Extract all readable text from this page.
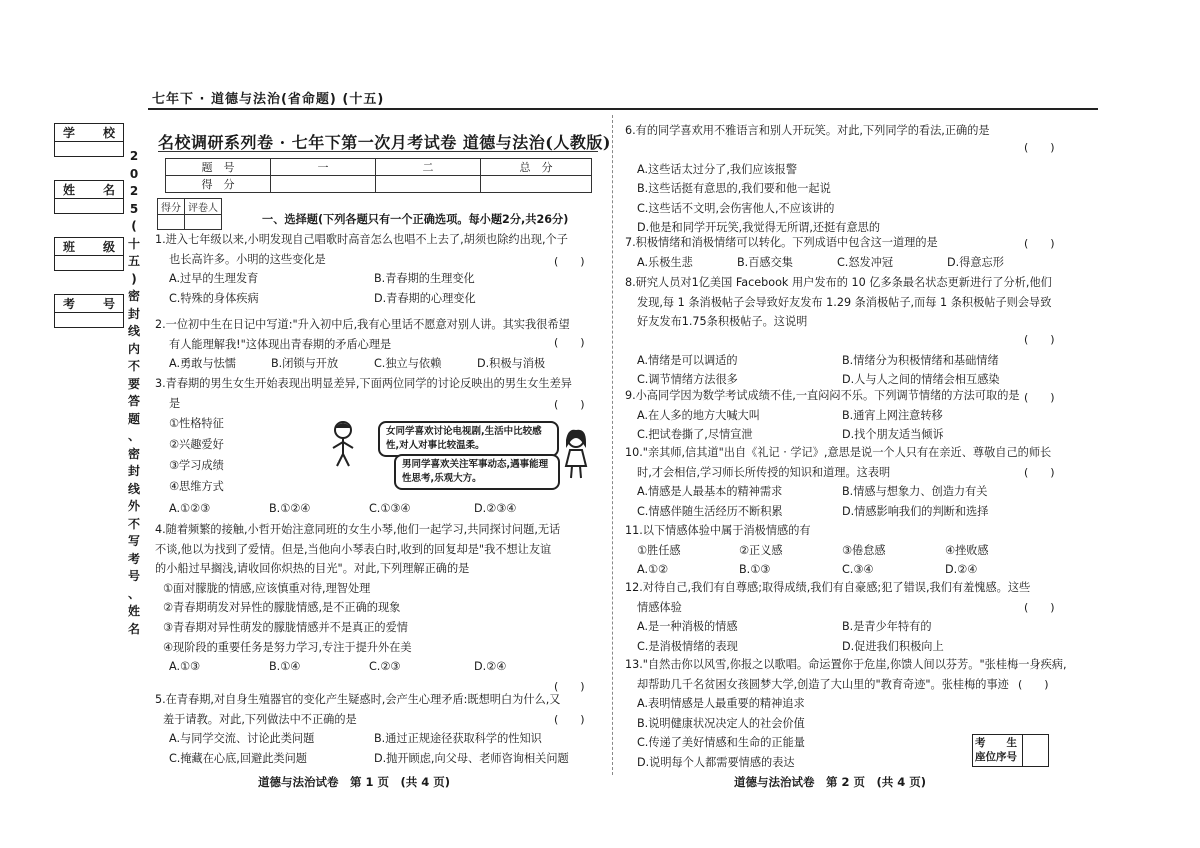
七年下 · 道德与法治(省命题) (十五)
学 校
姓 名
班 级
考 号
2
0
2
5
(
十
五
)
密
封
线
内
不
要
答
题
、
密
封
线
外
不
写
考
号
、
姓
名
名校调研系列卷 · 七年下第一次月考试卷 道德与法治(人教版)
题　号	一	二	总　分
得　分			
得分	评卷人

一、选择题(下列各题只有一个正确选项。每小题2分,共26分)
1.进入七年级以来,小明发现自己唱歌时高音怎么也唱不上去了,胡须也除约出现,个子
也长高许多。小明的这些变化是
A.过早的生理发育	B.青春期的生理变化
C.特殊的身体疾病	D.青春期的心理变化
(　　)
2.一位初中生在日记中写道:"升入初中后,我有心里话不愿意对别人讲。其实我很希望
有人能理解我!"这体现出青春期的矛盾心理是
A.勇敢与怯懦	B.闭锁与开放	C.独立与依赖	D.积极与消极
(　　)
3.青春期的男生女生开始表现出明显差异,下面两位同学的讨论反映出的男生女生差异
是
①性格特征
②兴趣爱好
③学习成绩
④思维方式
A.①②③	B.①②④	C.①③④	D.②③④
(　　)
女同学喜欢讨论电视剧,生活中比较感性,对人对事比较温柔。
男同学喜欢关注军事动态,遇事能理性思考,乐观大方。
4.随着频繁的接触,小哲开始注意同班的女生小琴,他们一起学习,共同探讨问题,无话
不谈,他以为找到了爱情。但是,当他向小琴表白时,收到的回复却是"我不想让友谊
的小船过早搁浅,请收回你炽热的目光"。对此,下列理解正确的是
①面对朦胧的情感,应该慎重对待,理智处理
②青春期萌发对异性的朦胧情感,是不正确的现象
③青春期对异性萌发的朦胧情感并不是真正的爱情
④现阶段的重要任务是努力学习,专注于提升外在美
A.①③	B.①④	C.②③	D.②④
(　　)
5.在青春期,对自身生殖器官的变化产生疑惑时,会产生心理矛盾:既想明白为什么,又
羞于请教。对此,下列做法中不正确的是
A.与同学交流、讨论此类问题	B.通过正规途径获取科学的性知识
C.掩藏在心底,回避此类问题	D.抛开顾虑,向父母、老师咨询相关问题
(　　)
道德与法治试卷　第 1 页　(共 4 页)
6.有的同学喜欢用不雅语言和别人开玩笑。对此,下列同学的看法,正确的是
A.这些话太过分了,我们应该报警
B.这些话挺有意思的,我们要和他一起说
C.这些话不文明,会伤害他人,不应该讲的
D.他是和同学开玩笑,我觉得无所谓,还挺有意思的
(　　)
7.积极情绪和消极情绪可以转化。下列成语中包含这一道理的是
A.乐极生悲	B.百感交集	C.怒发冲冠	D.得意忘形
(　　)
8.研究人员对1亿美国 Facebook 用户发布的 10 亿多条最名状态更新进行了分析,他们
发现,每 1 条消极帖子会导致好友发布 1.29 条消极帖子,而每 1 条积极帖子则会导致
好友发布1.75条积极帖子。这说明
A.情绪是可以调适的	B.情绪分为积极情绪和基础情绪
C.调节情绪方法很多	D.人与人之间的情绪会相互感染
(　　)
9.小高同学因为数学考试成绩不佳,一直闷闷不乐。下列调节情绪的方法可取的是
A.在人多的地方大喊大叫	B.通宵上网注意转移
C.把试卷撕了,尽情宣泄	D.找个朋友适当倾诉
(　　)
10."亲其师,信其道"出自《礼记 · 学记》,意思是说一个人只有在亲近、尊敬自己的师长
时,才会相信,学习师长所传授的知识和道理。这表明
A.情感是人最基本的精神需求	B.情感与想象力、创造力有关
C.情感伴随生活经历不断积累	D.情感影响我们的判断和选择
(　　)
11.以下情感体验中属于消极情感的有
①胜任感	②正义感	③倦怠感	④挫败感
A.①②	B.①③	C.③④	D.②④
12.对待自己,我们有自尊感;取得成绩,我们有自豪感;犯了错误,我们有羞愧感。这些
情感体验
A.是一种消极的情感	B.是青少年特有的
C.是消极情绪的表现	D.促进我们积极向上
(　　)
13."自然击你以风雪,你报之以歌唱。命运置你于危崖,你馈人间以芬芳。"张桂梅一身疾病,
却帮助几千名贫困女孩圆梦大学,创造了大山里的"教育奇迹"。张桂梅的事迹
A.表明情感是人最重要的精神追求
B.说明健康状况决定人的社会价值
C.传递了美好情感和生命的正能量
D.说明每个人都需要情感的表达
(　　)
考　　生
座位序号
道德与法治试卷　第 2 页　(共 4 页)
